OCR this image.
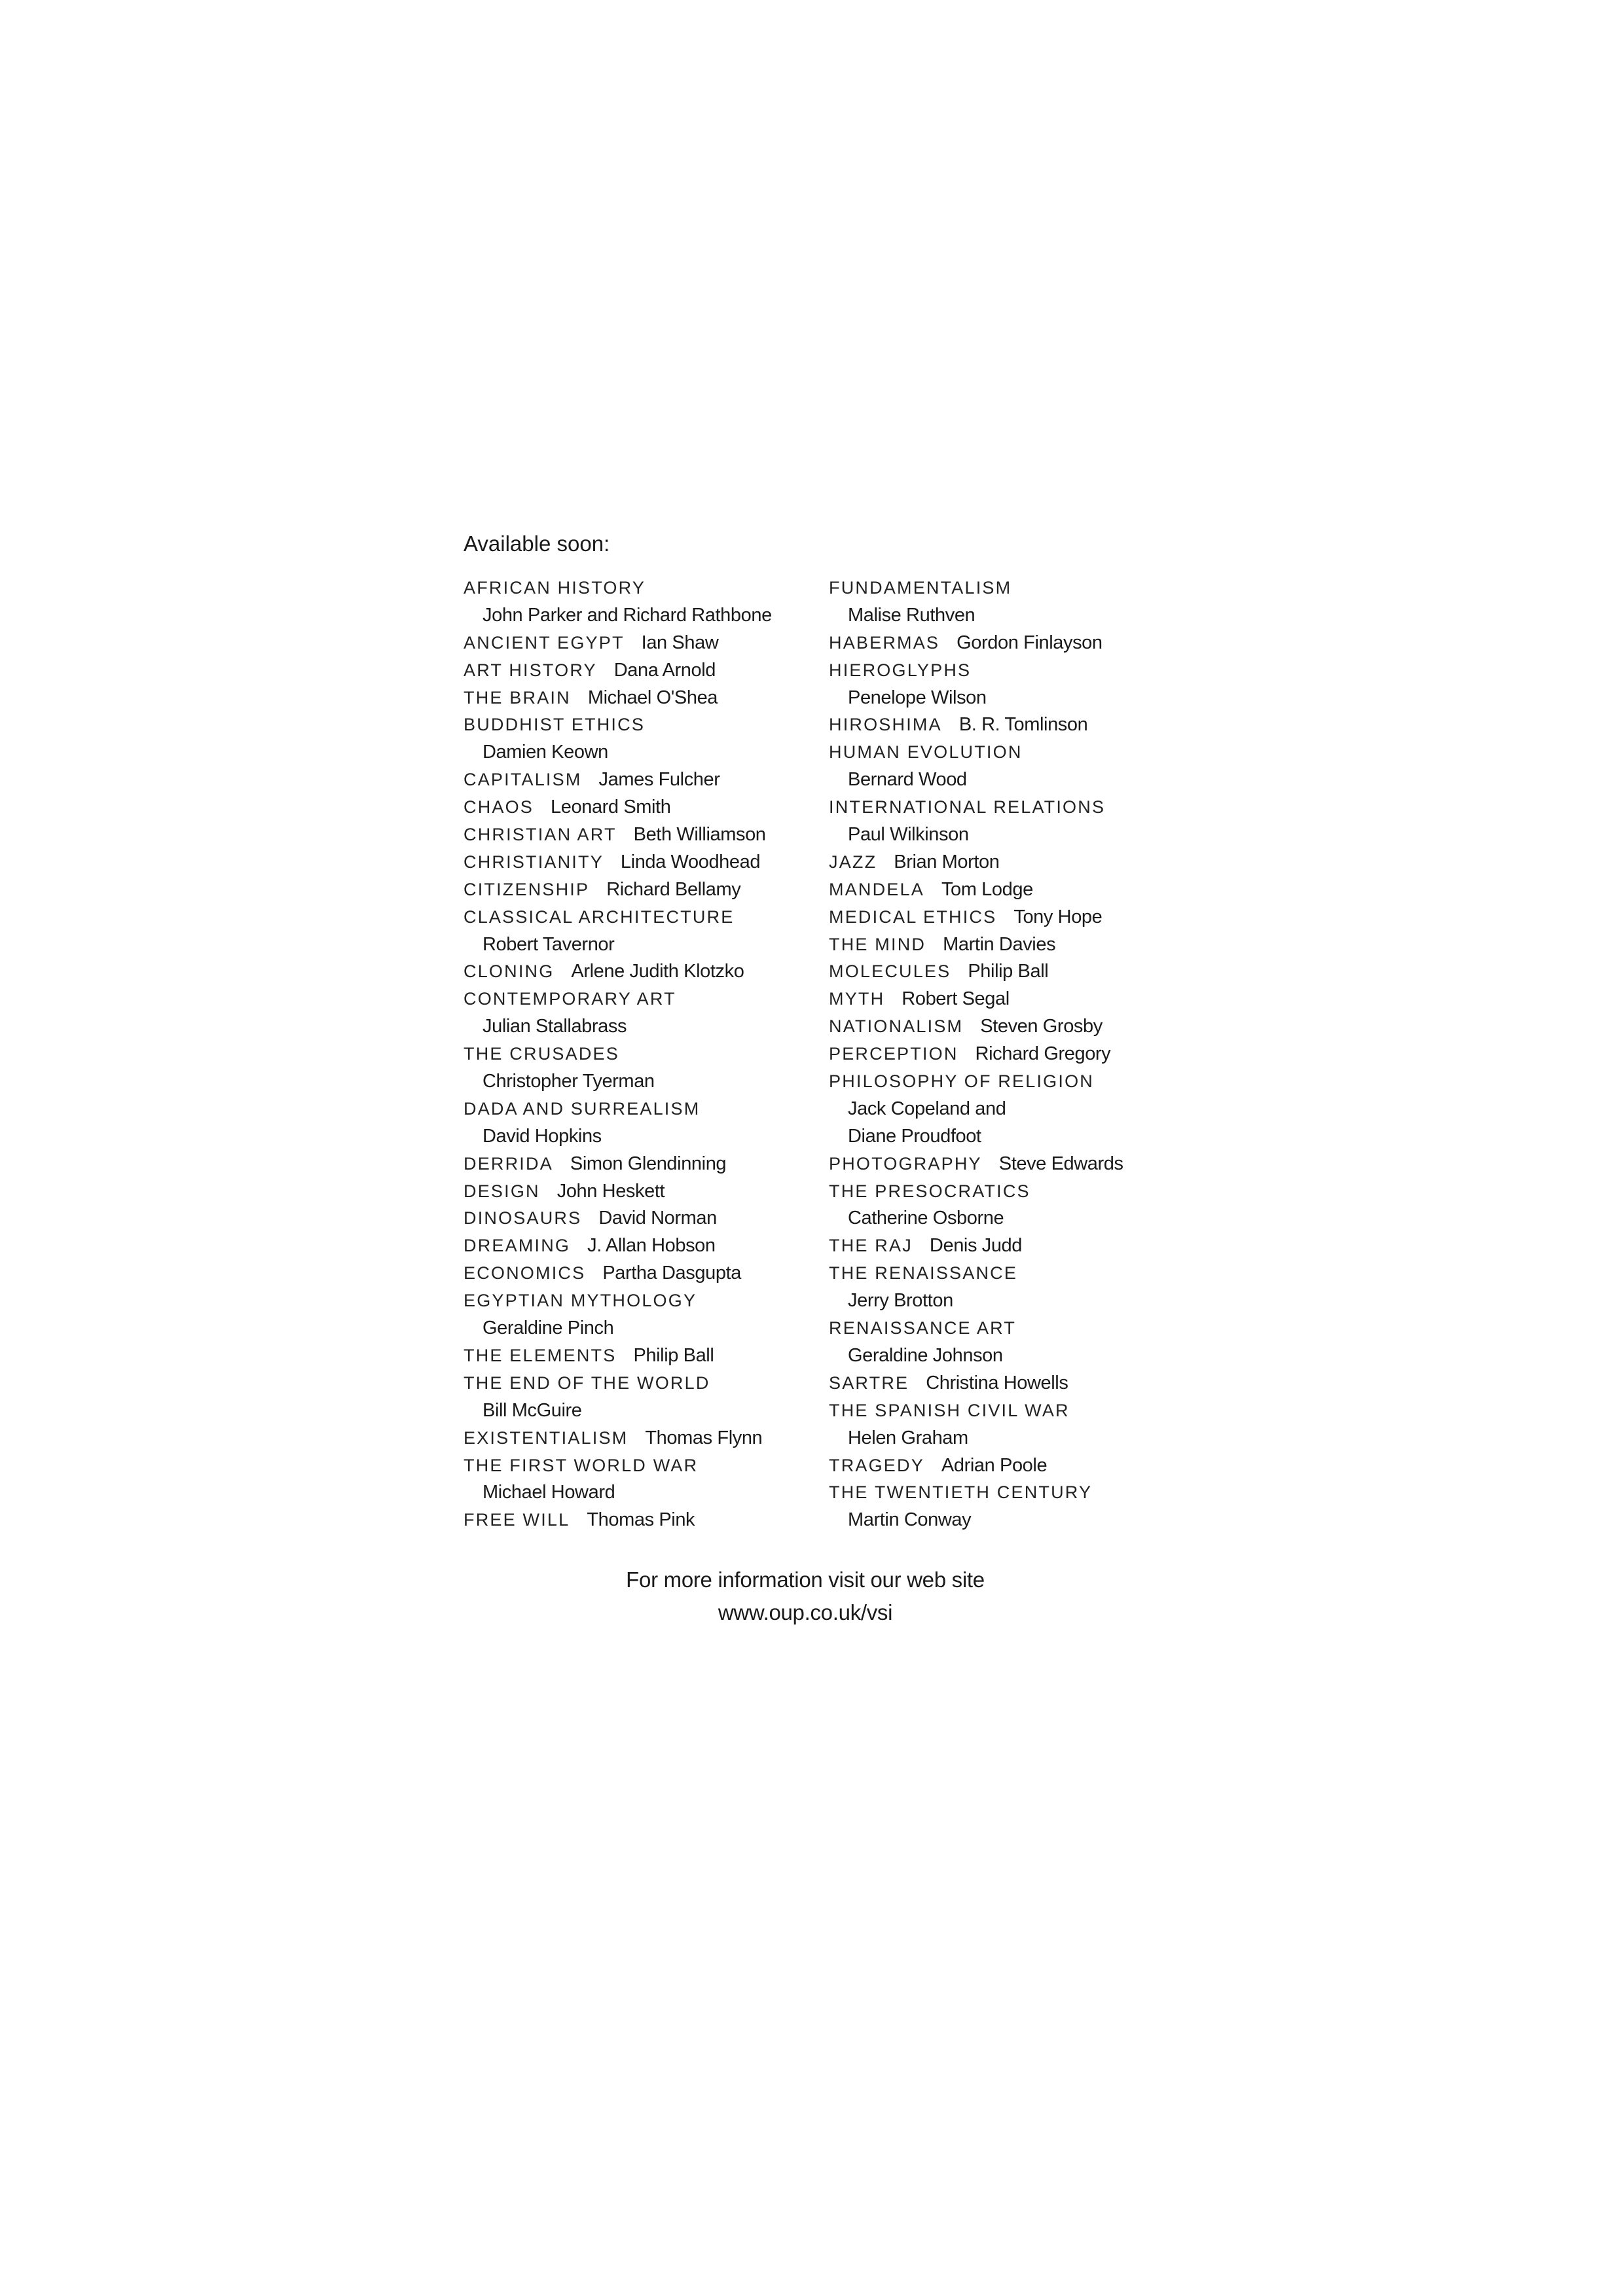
Available soon:
AFRICAN HISTORY
John Parker and Richard Rathbone
ANCIENT EGYPT Ian Shaw
ART HISTORY Dana Arnold
THE BRAIN Michael O'Shea
BUDDHIST ETHICS
Damien Keown
CAPITALISM James Fulcher
CHAOS Leonard Smith
CHRISTIAN ART Beth Williamson
CHRISTIANITY Linda Woodhead
CITIZENSHIP Richard Bellamy
CLASSICAL ARCHITECTURE
Robert Tavernor
CLONING Arlene Judith Klotzko
CONTEMPORARY ART
Julian Stallabrass
THE CRUSADES
Christopher Tyerman
DADA AND SURREALISM
David Hopkins
DERRIDA Simon Glendinning
DESIGN John Heskett
DINOSAURS David Norman
DREAMING J. Allan Hobson
ECONOMICS Partha Dasgupta
EGYPTIAN MYTHOLOGY
Geraldine Pinch
THE ELEMENTS Philip Ball
THE END OF THE WORLD
Bill McGuire
EXISTENTIALISM Thomas Flynn
THE FIRST WORLD WAR
Michael Howard
FREE WILL Thomas Pink
FUNDAMENTALISM
Malise Ruthven
HABERMAS Gordon Finlayson
HIEROGLYPHS
Penelope Wilson
HIROSHIMA B. R. Tomlinson
HUMAN EVOLUTION
Bernard Wood
INTERNATIONAL RELATIONS
Paul Wilkinson
JAZZ Brian Morton
MANDELA Tom Lodge
MEDICAL ETHICS Tony Hope
THE MIND Martin Davies
MOLECULES Philip Ball
MYTH Robert Segal
NATIONALISM Steven Grosby
PERCEPTION Richard Gregory
PHILOSOPHY OF RELIGION
Jack Copeland and
Diane Proudfoot
PHOTOGRAPHY Steve Edwards
THE PRESOCRATICS
Catherine Osborne
THE RAJ Denis Judd
THE RENAISSANCE
Jerry Brotton
RENAISSANCE ART
Geraldine Johnson
SARTRE Christina Howells
THE SPANISH CIVIL WAR
Helen Graham
TRAGEDY Adrian Poole
THE TWENTIETH CENTURY
Martin Conway
For more information visit our web site
www.oup.co.uk/vsi
